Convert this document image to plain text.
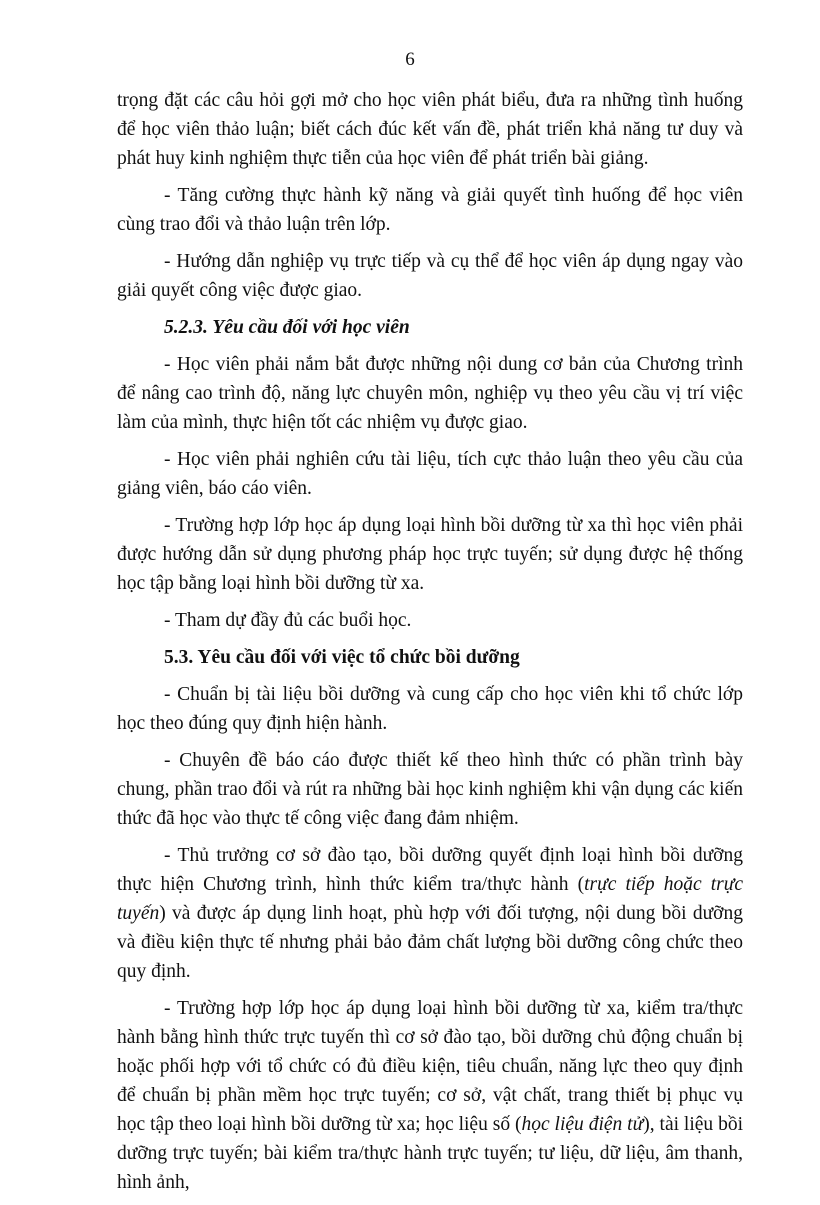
6

trọng đặt các câu hỏi gợi mở cho học viên phát biểu, đưa ra những tình huống để học viên thảo luận; biết cách đúc kết vấn đề, phát triển khả năng tư duy và phát huy kinh nghiệm thực tiễn của học viên để phát triển bài giảng.

- Tăng cường thực hành kỹ năng và giải quyết tình huống để học viên cùng trao đổi và thảo luận trên lớp.

- Hướng dẫn nghiệp vụ trực tiếp và cụ thể để học viên áp dụng ngay vào giải quyết công việc được giao.

5.2.3. Yêu cầu đối với học viên

- Học viên phải nắm bắt được những nội dung cơ bản của Chương trình để nâng cao trình độ, năng lực chuyên môn, nghiệp vụ theo yêu cầu vị trí việc làm của mình, thực hiện tốt các nhiệm vụ được giao.

- Học viên phải nghiên cứu tài liệu, tích cực thảo luận theo yêu cầu của giảng viên, báo cáo viên.

- Trường hợp lớp học áp dụng loại hình bồi dưỡng từ xa thì học viên phải được hướng dẫn sử dụng phương pháp học trực tuyến; sử dụng được hệ thống học tập bằng loại hình bồi dưỡng từ xa.

- Tham dự đầy đủ các buổi học.

5.3. Yêu cầu đối với việc tổ chức bồi dưỡng

- Chuẩn bị tài liệu bồi dưỡng và cung cấp cho học viên khi tổ chức lớp học theo đúng quy định hiện hành.

- Chuyên đề báo cáo được thiết kế theo hình thức có phần trình bày chung, phần trao đổi và rút ra những bài học kinh nghiệm khi vận dụng các kiến thức đã học vào thực tế công việc đang đảm nhiệm.

- Thủ trưởng cơ sở đào tạo, bồi dưỡng quyết định loại hình bồi dưỡng thực hiện Chương trình, hình thức kiểm tra/thực hành (trực tiếp hoặc trực tuyến) và được áp dụng linh hoạt, phù hợp với đối tượng, nội dung bồi dưỡng và điều kiện thực tế nhưng phải bảo đảm chất lượng bồi dưỡng công chức theo quy định.

- Trường hợp lớp học áp dụng loại hình bồi dưỡng từ xa, kiểm tra/thực hành bằng hình thức trực tuyến thì cơ sở đào tạo, bồi dưỡng chủ động chuẩn bị hoặc phối hợp với tổ chức có đủ điều kiện, tiêu chuẩn, năng lực theo quy định để chuẩn bị phần mềm học trực tuyến; cơ sở, vật chất, trang thiết bị phục vụ học tập theo loại hình bồi dưỡng từ xa; học liệu số (học liệu điện tử), tài liệu bồi dưỡng trực tuyến; bài kiểm tra/thực hành trực tuyến; tư liệu, dữ liệu, âm thanh, hình ảnh,
